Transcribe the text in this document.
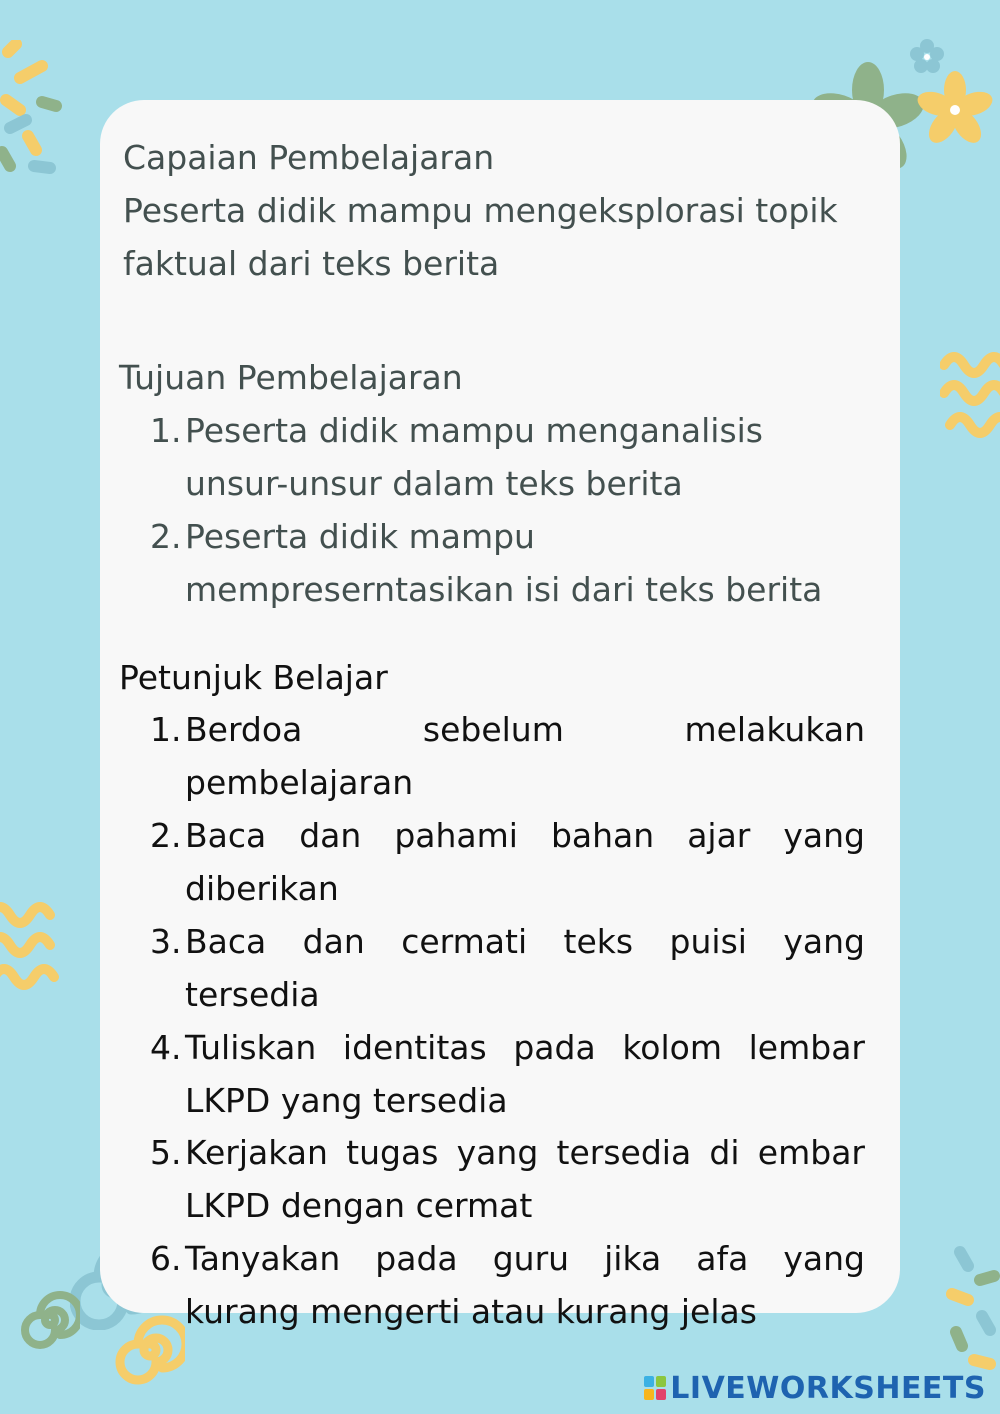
Capaian Pembelajaran
Peserta didik mampu mengeksplorasi topik
faktual dari teks berita
Tujuan Pembelajaran
1. Peserta didik mampu menganalisis
unsur-unsur dalam teks berita
2. Peserta didik mampu
mempreserntasikan isi dari teks berita
Petunjuk Belajar
1. Berdoa sebelum melakukan
pembelajaran
2. Baca dan pahami bahan ajar yang
diberikan
3. Baca dan cermati teks puisi yang
tersedia
4. Tuliskan identitas pada kolom lembar
LKPD yang tersedia
5. Kerjakan tugas yang tersedia di embar
LKPD dengan cermat
6. Tanyakan pada guru jika afa yang
kurang mengerti atau kurang jelas
LIVEWORKSHEETS
